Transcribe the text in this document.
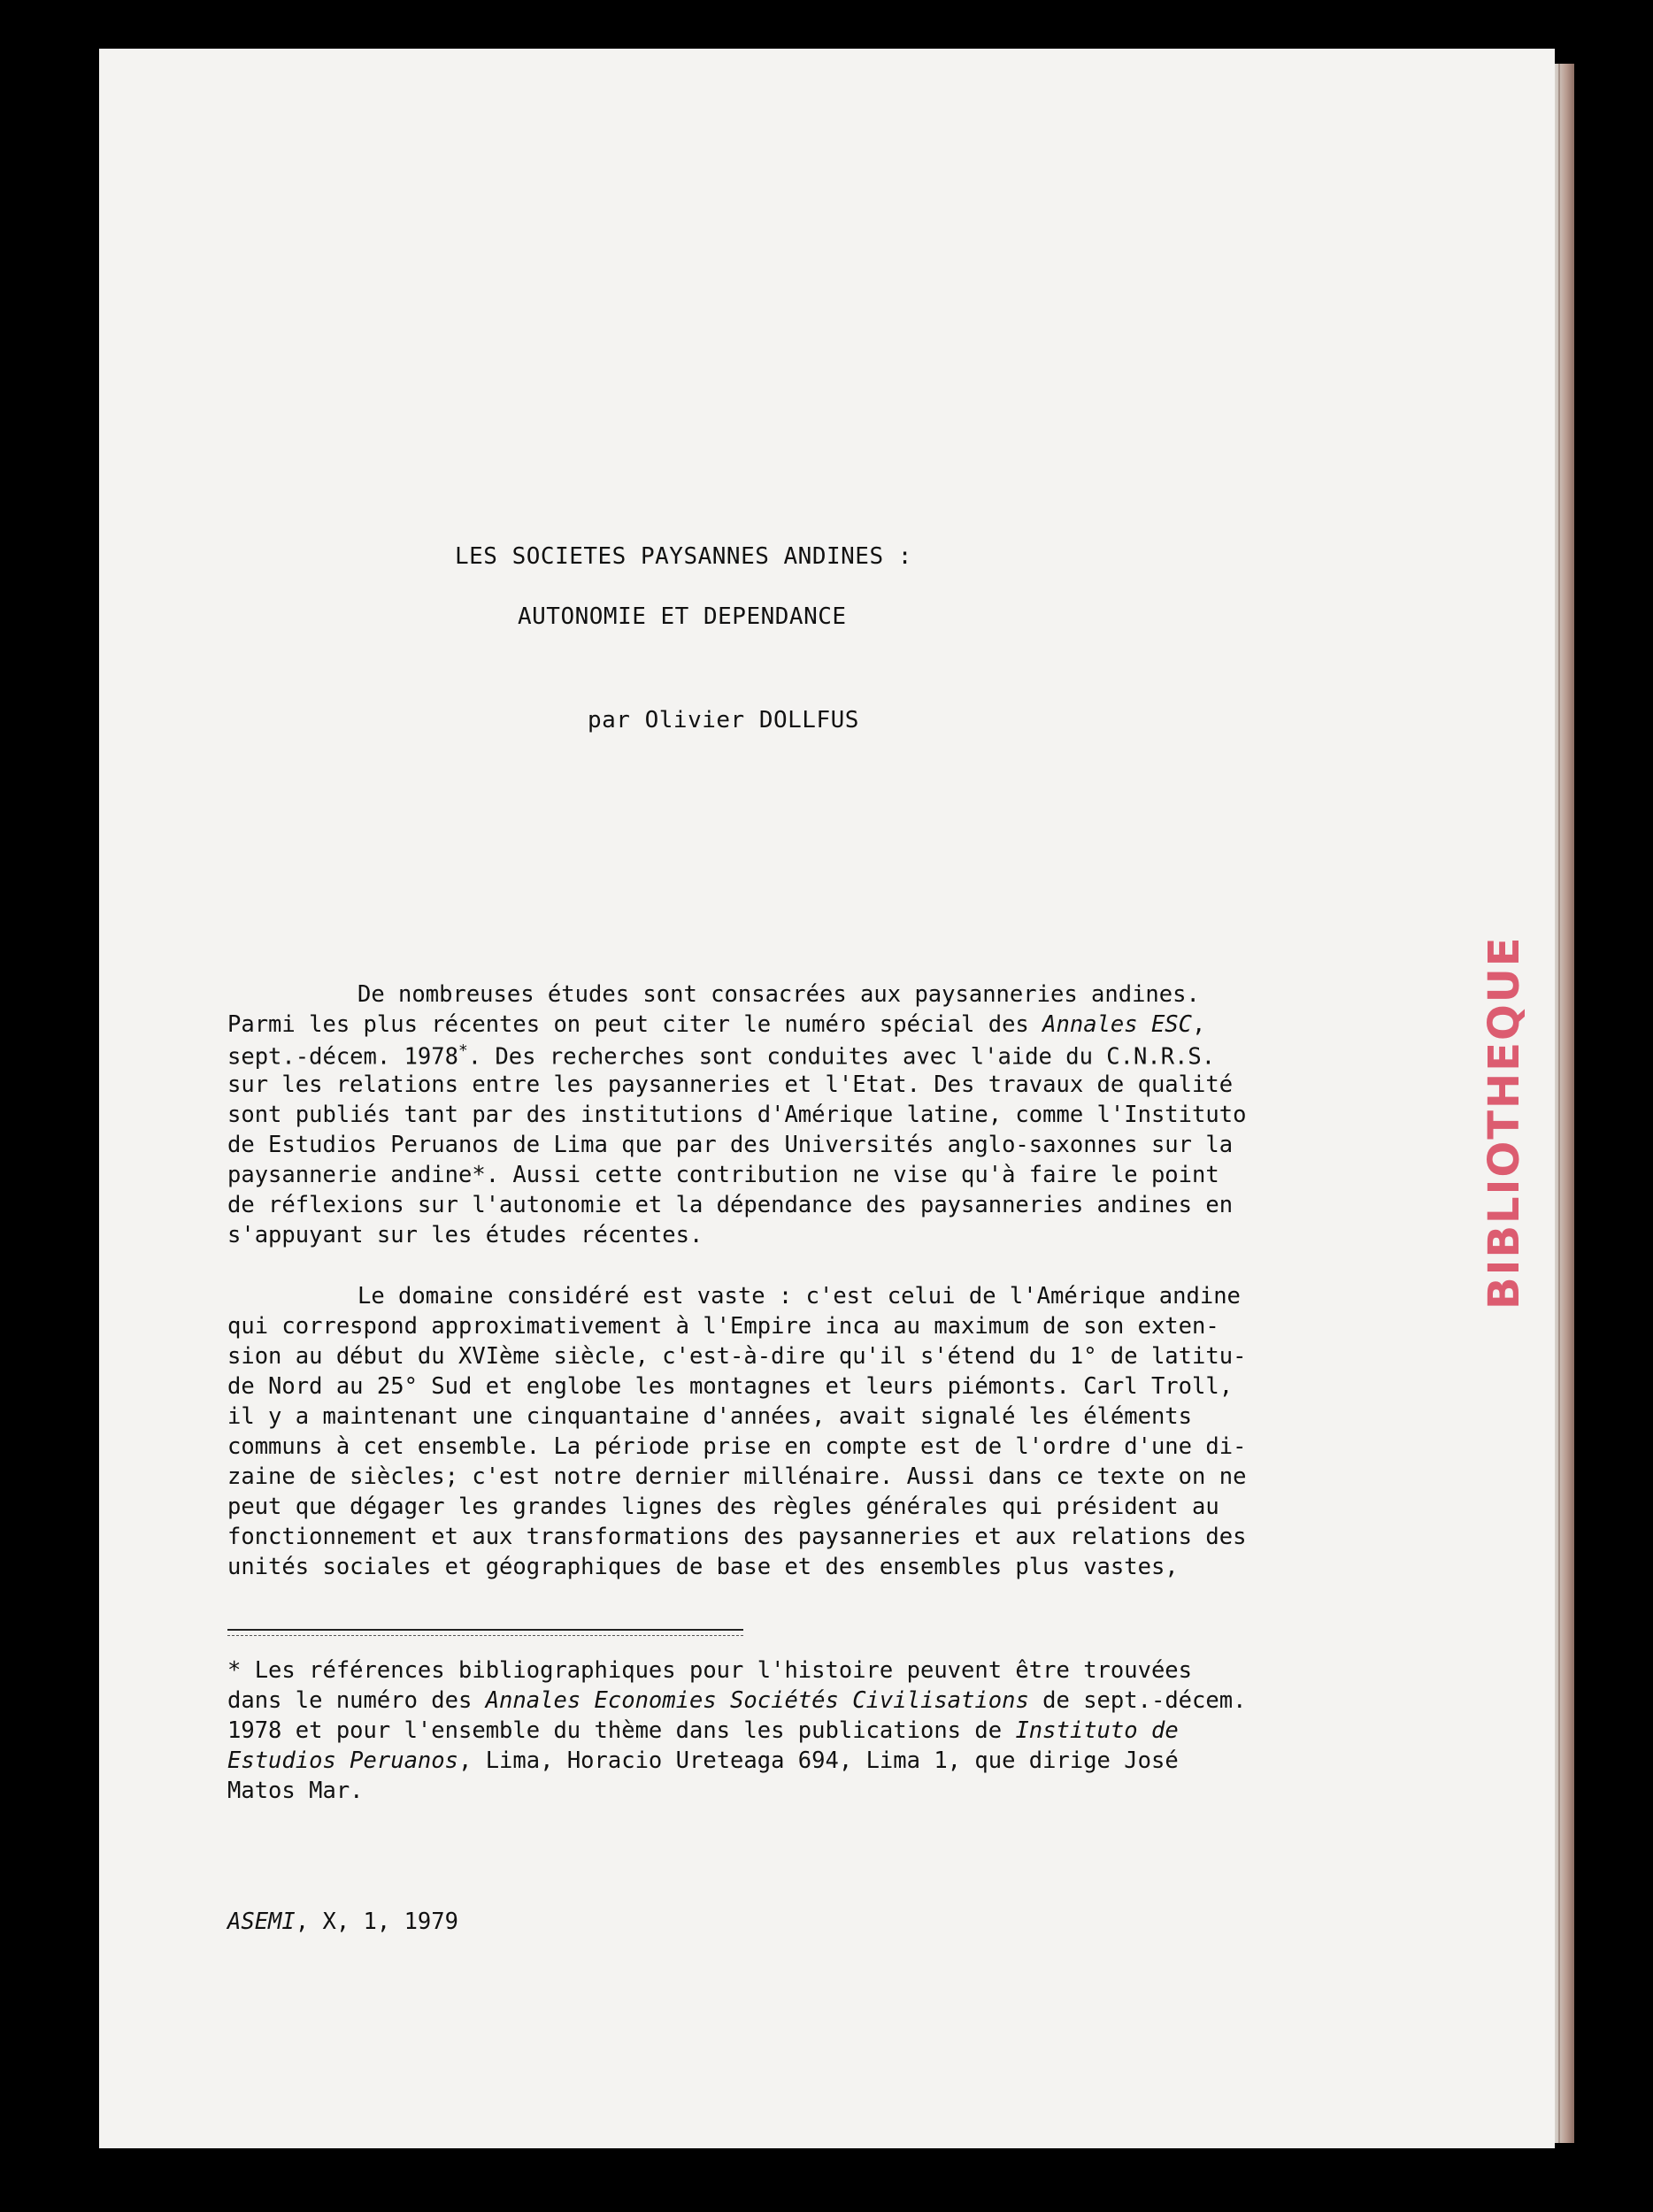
LES SOCIETES PAYSANNES ANDINES :
AUTONOMIE ET DEPENDANCE
par Olivier DOLLFUS
De nombreuses études sont consacrées aux paysanneries andines.
Parmi les plus récentes on peut citer le numéro spécial des Annales ESC,
sept.-décem. 1978*. Des recherches sont conduites avec l'aide du C.N.R.S.
sur les relations entre les paysanneries et l'Etat. Des travaux de qualité
sont publiés tant par des institutions d'Amérique latine, comme l'Instituto
de Estudios Peruanos de Lima que par des Universités anglo-saxonnes sur la
paysannerie andine*. Aussi cette contribution ne vise qu'à faire le point
de réflexions sur l'autonomie et la dépendance des paysanneries andines en
s'appuyant sur les études récentes.
Le domaine considéré est vaste : c'est celui de l'Amérique andine
qui correspond approximativement à l'Empire inca au maximum de son exten-
sion au début du XVIème siècle, c'est-à-dire qu'il s'étend du 1° de latitu-
de Nord au 25° Sud et englobe les montagnes et leurs piémonts. Carl Troll,
il y a maintenant une cinquantaine d'années, avait signalé les éléments
communs à cet ensemble. La période prise en compte est de l'ordre d'une di-
zaine de siècles; c'est notre dernier millénaire. Aussi dans ce texte on ne
peut que dégager les grandes lignes des règles générales qui président au
fonctionnement et aux transformations des paysanneries et aux relations des
unités sociales et géographiques de base et des ensembles plus vastes,
* Les références bibliographiques pour l'histoire peuvent être trouvées
dans le numéro des Annales Economies Sociétés Civilisations de sept.-décem.
1978 et pour l'ensemble du thème dans les publications de Instituto de
Estudios Peruanos, Lima, Horacio Ureteaga 694, Lima 1, que dirige José
Matos Mar.
ASEMI, X, 1, 1979
BIBLIOTHEQUE
